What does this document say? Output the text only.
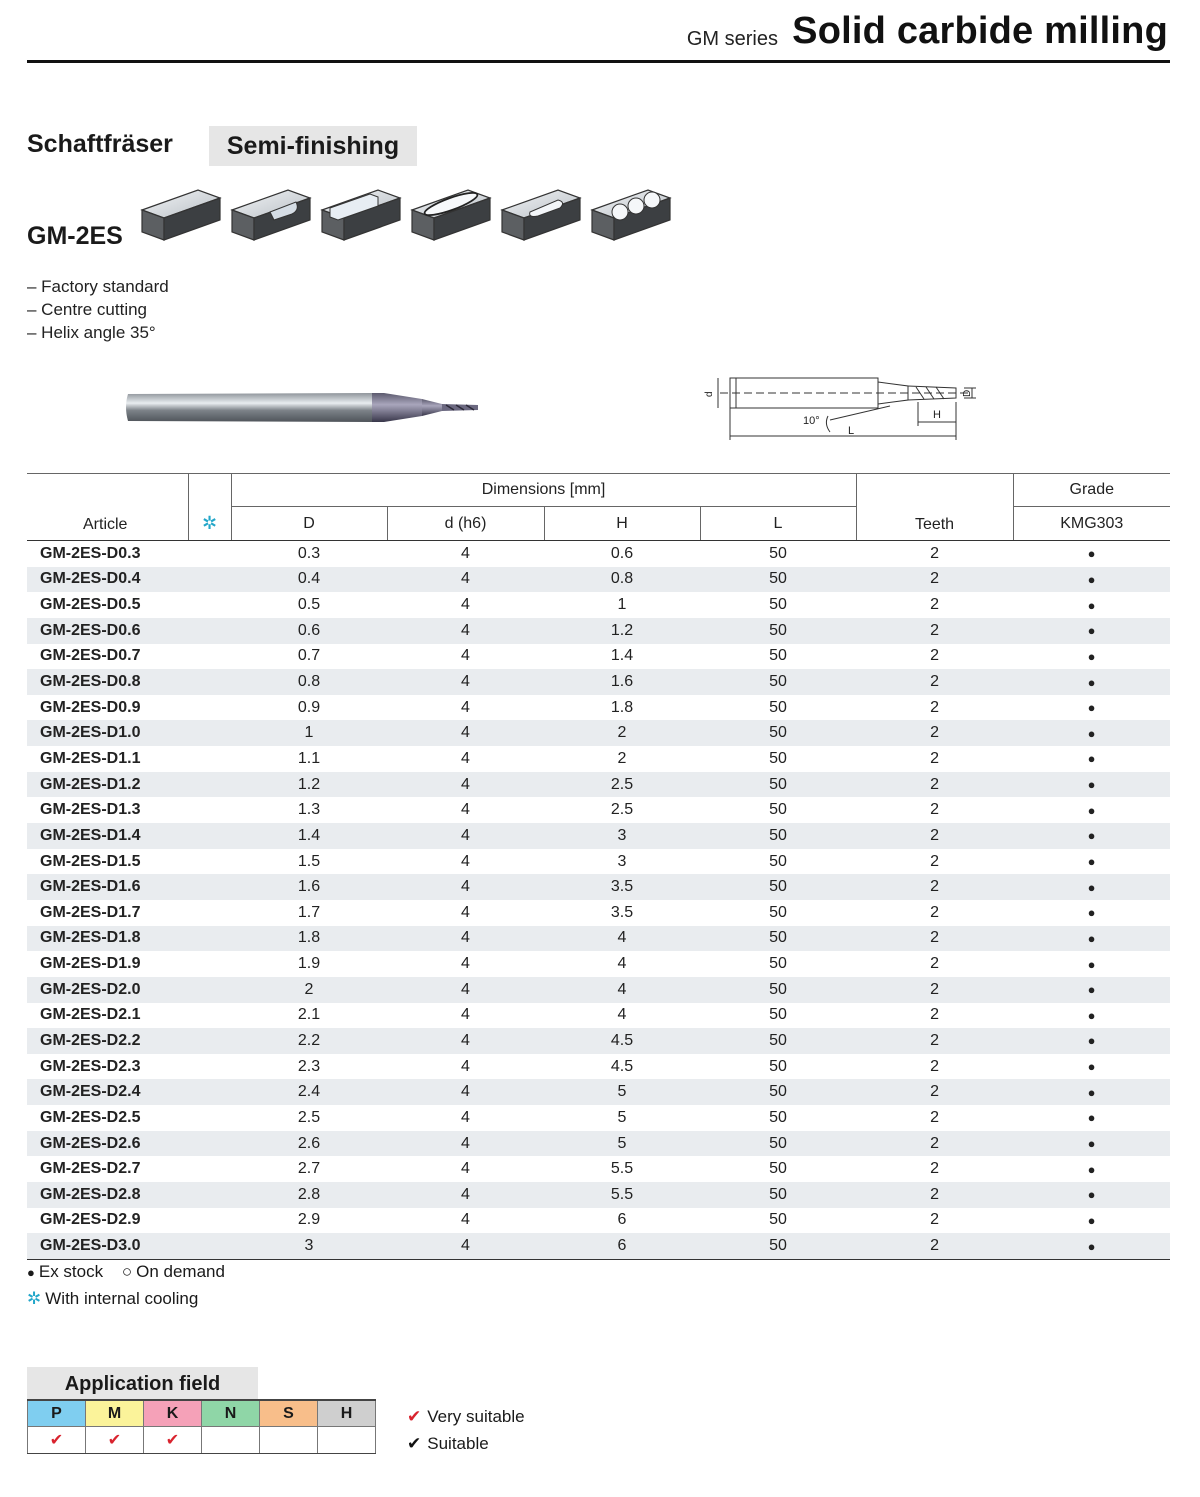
GM series Solid carbide milling
Schaftfräser	Semi-finishing
GM-2ES
– Factory standard
– Centre cutting
– Helix angle 35°
d	D
10°
L
H
Article	✲	Dimensions [mm]				Teeth	Grade
		D	d (h6)	H	L		KMG303
GM-2ES-D0.3		0.3	4	0.6	50	2	●
GM-2ES-D0.4		0.4	4	0.8	50	2	●
GM-2ES-D0.5		0.5	4	1	50	2	●
GM-2ES-D0.6		0.6	4	1.2	50	2	●
GM-2ES-D0.7		0.7	4	1.4	50	2	●
GM-2ES-D0.8		0.8	4	1.6	50	2	●
GM-2ES-D0.9		0.9	4	1.8	50	2	●
GM-2ES-D1.0		1	4	2	50	2	●
GM-2ES-D1.1		1.1	4	2	50	2	●
GM-2ES-D1.2		1.2	4	2.5	50	2	●
GM-2ES-D1.3		1.3	4	2.5	50	2	●
GM-2ES-D1.4		1.4	4	3	50	2	●
GM-2ES-D1.5		1.5	4	3	50	2	●
GM-2ES-D1.6		1.6	4	3.5	50	2	●
GM-2ES-D1.7		1.7	4	3.5	50	2	●
GM-2ES-D1.8		1.8	4	4	50	2	●
GM-2ES-D1.9		1.9	4	4	50	2	●
GM-2ES-D2.0		2	4	4	50	2	●
GM-2ES-D2.1		2.1	4	4	50	2	●
GM-2ES-D2.2		2.2	4	4.5	50	2	●
GM-2ES-D2.3		2.3	4	4.5	50	2	●
GM-2ES-D2.4		2.4	4	5	50	2	●
GM-2ES-D2.5		2.5	4	5	50	2	●
GM-2ES-D2.6		2.6	4	5	50	2	●
GM-2ES-D2.7		2.7	4	5.5	50	2	●
GM-2ES-D2.8		2.8	4	5.5	50	2	●
GM-2ES-D2.9		2.9	4	6	50	2	●
GM-2ES-D3.0		3	4	6	50	2	●
● Ex stock ○ On demand
✲ With internal cooling
Application field
P	M	K	N	S	H
✔	✔	✔			
✔ Very suitable
✔ Suitable
